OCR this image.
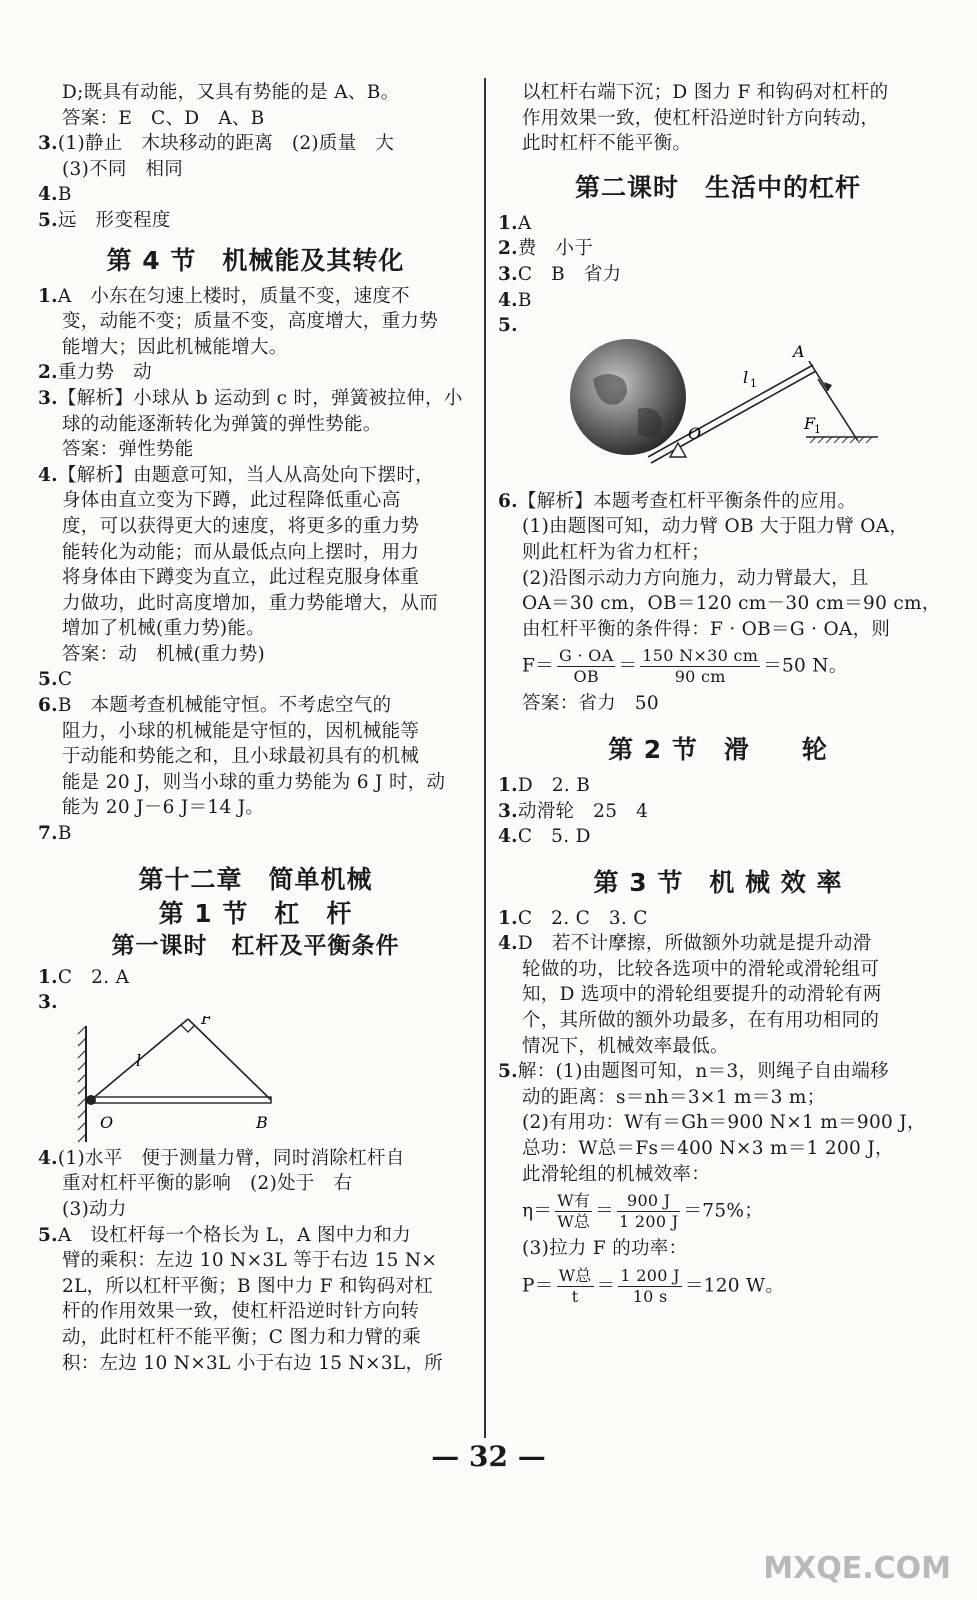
D;既具有动能，又具有势能的是 A、B。
答案：E　C、D　A、B
3.(1)静止　木块移动的距离　(2)质量　大
(3)不同　相同
4.B
5.远　形变程度
第 4 节　机械能及其转化
1.A　小东在匀速上楼时，质量不变，速度不
变，动能不变；质量不变，高度增大，重力势
能增大；因此机械能增大。
2.重力势　动
3.【解析】小球从 b 运动到 c 时，弹簧被拉伸，小
球的动能逐渐转化为弹簧的弹性势能。
答案：弹性势能
4.【解析】由题意可知，当人从高处向下摆时，
身体由直立变为下蹲，此过程降低重心高
度，可以获得更大的速度，将更多的重力势
能转化为动能；而从最低点向上摆时，用力
将身体由下蹲变为直立，此过程克服身体重
力做功，此时高度增加，重力势能增大，从而
增加了机械(重力势)能。
答案：动　机械(重力势)
5.C
6.B　本题考查机械能守恒。不考虑空气的
阻力，小球的机械能是守恒的，因机械能等
于动能和势能之和，且小球最初具有的机械
能是 20 J，则当小球的重力势能为 6 J 时，动
能为 20 J－6 J＝14 J。
7.B
第十二章　简单机械
第 1 节　杠　杆
第一课时　杠杆及平衡条件
1.C　2. A
3.
F
l
O	B
4.(1)水平　便于测量力臂，同时消除杠杆自
重对杠杆平衡的影响　(2)处于　右
(3)动力
5.A　设杠杆每一个格长为 L，A 图中力和力
臂的乘积：左边 10 N×3L 等于右边 15 N×
2L，所以杠杆平衡；B 图中力 F 和钩码对杠
杆的作用效果一致，使杠杆沿逆时针方向转
动，此时杠杆不能平衡；C 图力和力臂的乘
积：左边 10 N×3L 小于右边 15 N×3L，所
以杠杆右端下沉；D 图力 F 和钩码对杠杆的
作用效果一致，使杠杆沿逆时针方向转动，
此时杠杆不能平衡。
第二课时　生活中的杠杆
1.A
2.费　小于
3.C　B　省力
4.B
5.
A
l 1
O
F
1
6.【解析】本题考查杠杆平衡条件的应用。
(1)由题图可知，动力臂 OB 大于阻力臂 OA，
则此杠杆为省力杠杆；
(2)沿图示动力方向施力，动力臂最大，且
OA＝30 cm，OB＝120 cm－30 cm＝90 cm，
由杠杆平衡的条件得：F · OB＝G · OA，则
$F= \frac{G \cdot OA}{OB} = \frac{150 N\times 30 cm}{90 cm} =50$ N。
答案：省力　50
第 2 节　滑　　轮
1.D　2. B
3.动滑轮　25　4
4.C　5. D
第 3 节　机 械 效 率
1.C　2. C　3. C
4.D　若不计摩擦，所做额外功就是提升动滑
轮做的功，比较各选项中的滑轮或滑轮组可
知，D 选项中的滑轮组要提升的动滑轮有两
个，其所做的额外功最多，在有用功相同的
情况下，机械效率最低。
5.解：(1)由题图可知，n＝3，则绳子自由端移
动的距离：s＝nh＝3×1 m＝3 m；
(2)有用功：W有＝Gh＝900 N×1 m＝900 J，
总功：W总＝Fs＝400 N×3 m＝1 200 J，
此滑轮组的机械效率：
$\eta= \frac{\text{W有}}{\text{W总}} = \frac{900 J}{1 200 J} =75\%$；
(3)拉力 F 的功率：
$P= \frac{\text{W总}}{t} = \frac{1 200 J}{10 s} =120$ W。
— 32 —
MXQE.COM
